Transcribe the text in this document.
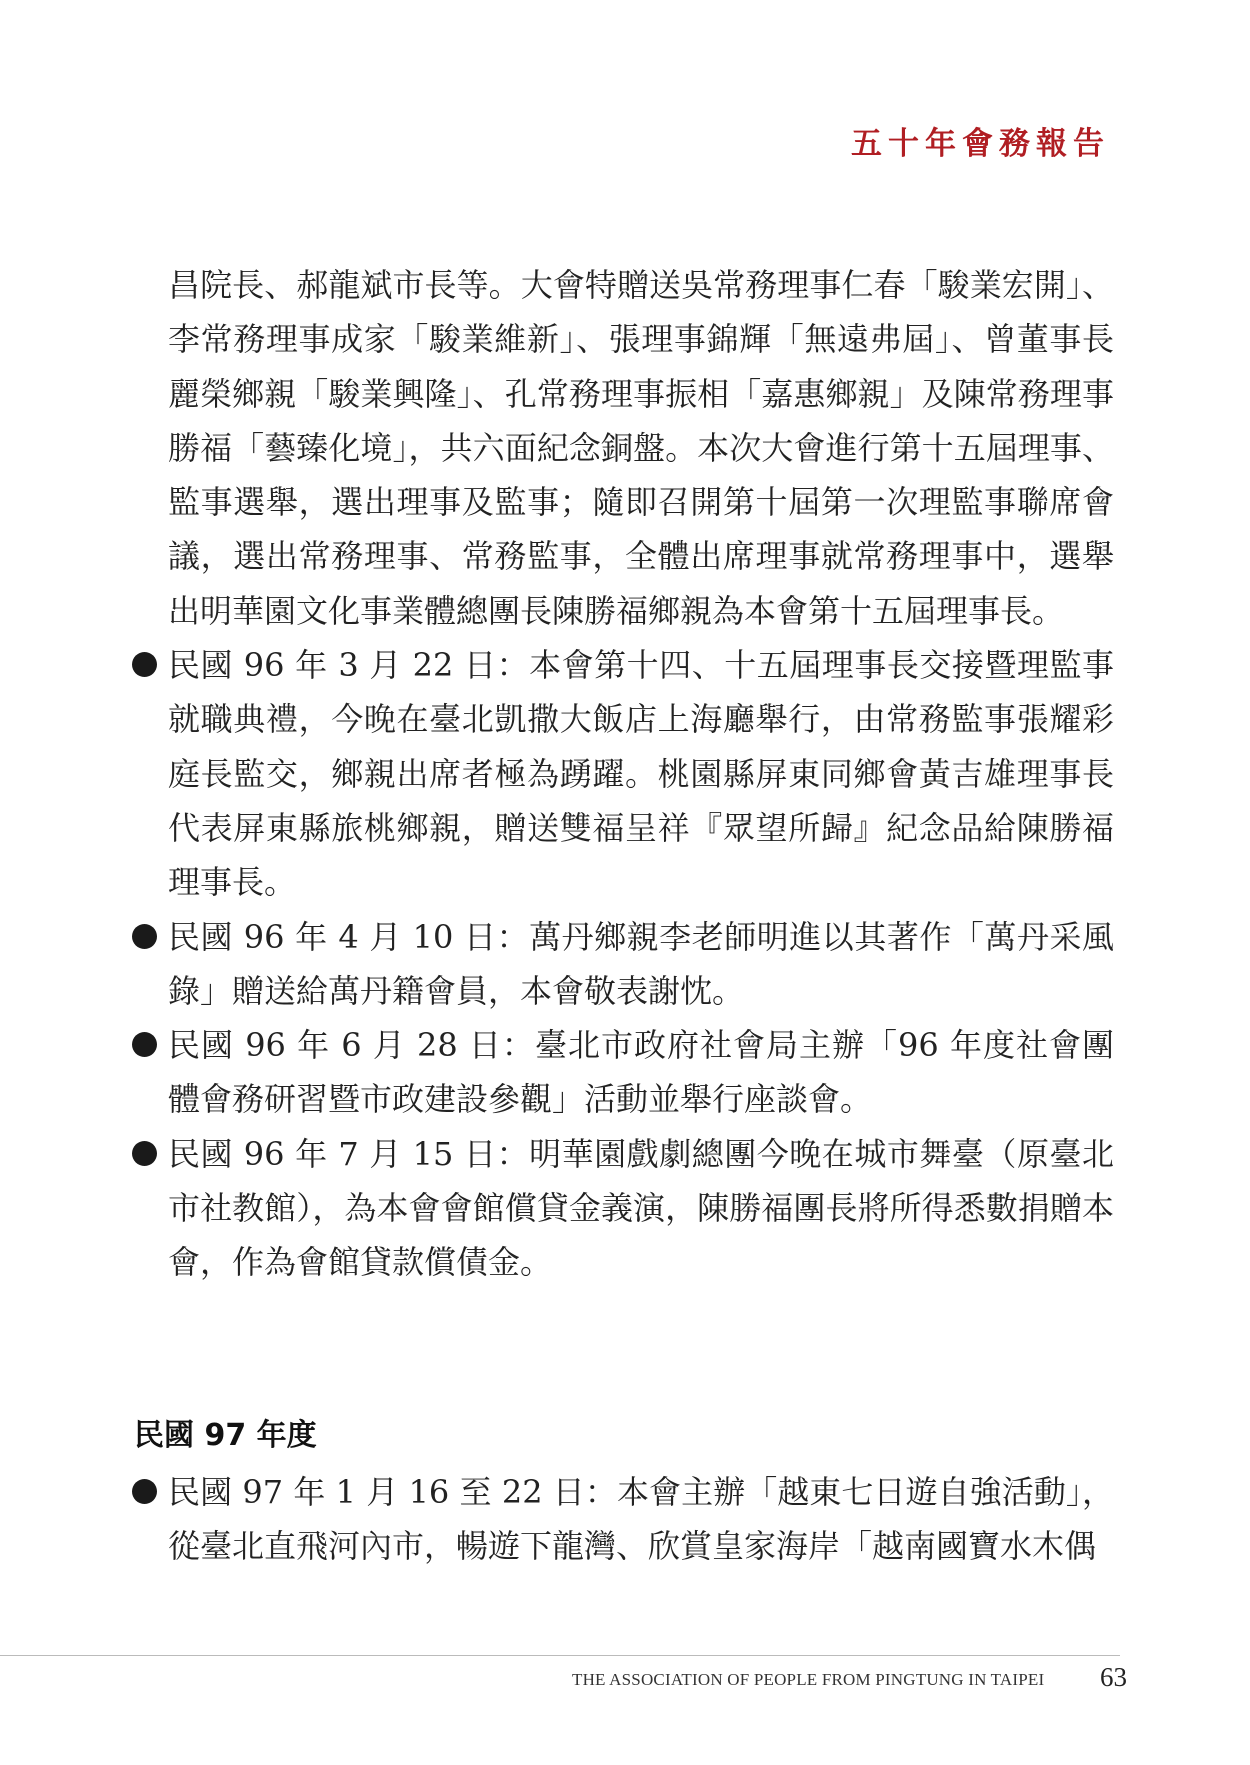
五十年會務報告

昌院長、郝龍斌市長等。大會特贈送吳常務理事仁春「駿業宏開」、李常務理事成家「駿業維新」、張理事錦輝「無遠弗屆」、曾董事長麗榮鄉親「駿業興隆」、孔常務理事振相「嘉惠鄉親」及陳常務理事勝福「藝臻化境」，共六面紀念銅盤。本次大會進行第十五屆理事、監事選舉，選出理事及監事；隨即召開第十屆第一次理監事聯席會議，選出常務理事、常務監事，全體出席理事就常務理事中，選舉出明華園文化事業體總團長陳勝福鄉親為本會第十五屆理事長。

民國 96 年 3 月 22 日：本會第十四、十五屆理事長交接暨理監事就職典禮，今晚在臺北凱撒大飯店上海廳舉行，由常務監事張耀彩庭長監交，鄉親出席者極為踴躍。桃園縣屏東同鄉會黃吉雄理事長代表屏東縣旅桃鄉親，贈送雙福呈祥『眾望所歸』紀念品給陳勝福理事長。

民國 96 年 4 月 10 日：萬丹鄉親李老師明進以其著作「萬丹采風錄」贈送給萬丹籍會員，本會敬表謝忱。

民國 96 年 6 月 28 日：臺北市政府社會局主辦「96 年度社會團體會務研習暨市政建設參觀」活動並舉行座談會。

民國 96 年 7 月 15 日：明華園戲劇總團今晚在城市舞臺（原臺北市社教館），為本會會館償貸金義演，陳勝福團長將所得悉數捐贈本會，作為會館貸款償債金。

民國 97 年度

民國 97 年 1 月 16 至 22 日：本會主辦「越東七日遊自強活動」，從臺北直飛河內市，暢遊下龍灣、欣賞皇家海岸「越南國寶水木偶

THE ASSOCIATION OF PEOPLE FROM PINGTUNG IN TAIPEI 63
